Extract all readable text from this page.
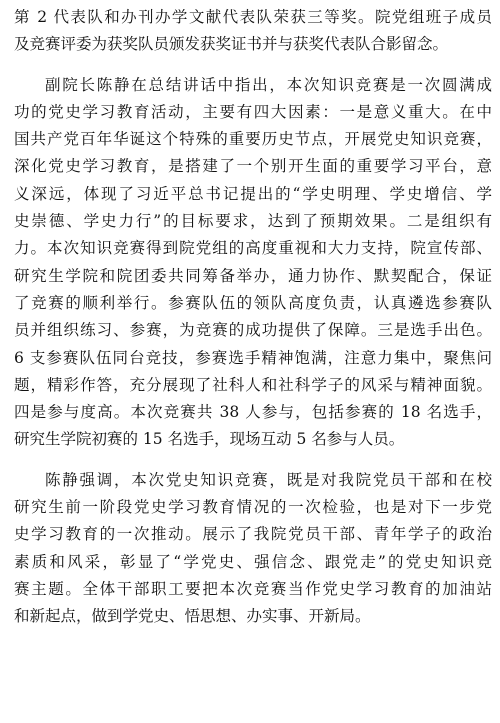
第 2 代表队和办刊办学文献代表队荣获三等奖。院党组班子成员
及竞赛评委为获奖队员颁发获奖证书并与获奖代表队合影留念。
副院长陈静在总结讲话中指出，本次知识竞赛是一次圆满成
功的党史学习教育活动，主要有四大因素：一是意义重大。在中
国共产党百年华诞这个特殊的重要历史节点，开展党史知识竞赛，
深化党史学习教育，是搭建了一个别开生面的重要学习平台，意
义深远，体现了习近平总书记提出的“学史明理、学史增信、学
史崇德、学史力行”的目标要求，达到了预期效果。二是组织有
力。本次知识竞赛得到院党组的高度重视和大力支持，院宣传部、
研究生学院和院团委共同筹备举办，通力协作、默契配合，保证
了竞赛的顺利举行。参赛队伍的领队高度负责，认真遴选参赛队
员并组织练习、参赛，为竞赛的成功提供了保障。三是选手出色。
6 支参赛队伍同台竞技，参赛选手精神饱满，注意力集中，聚焦问
题，精彩作答，充分展现了社科人和社科学子的风采与精神面貌。
四是参与度高。本次竞赛共 38 人参与，包括参赛的 18 名选手，
研究生学院初赛的 15 名选手，现场互动 5 名参与人员。
陈静强调，本次党史知识竞赛，既是对我院党员干部和在校
研究生前一阶段党史学习教育情况的一次检验，也是对下一步党
史学习教育的一次推动。展示了我院党员干部、青年学子的政治
素质和风采，彰显了“学党史、强信念、跟党走”的党史知识竞
赛主题。全体干部职工要把本次竞赛当作党史学习教育的加油站
和新起点，做到学党史、悟思想、办实事、开新局。
